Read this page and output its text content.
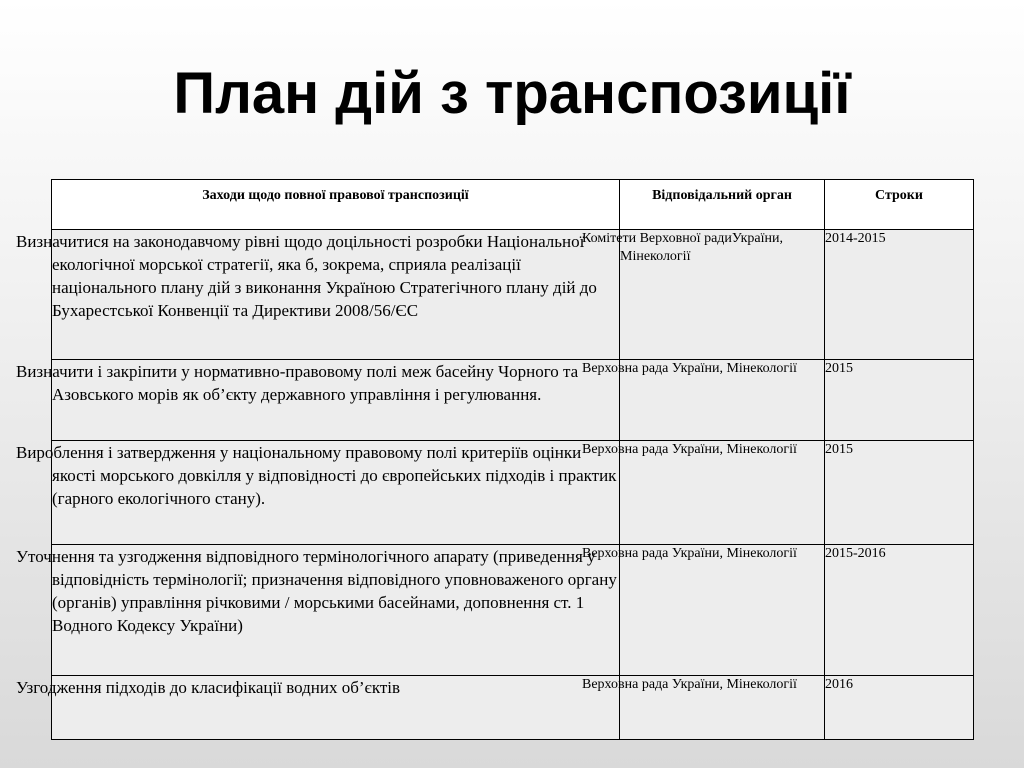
План дій з транспозиції
Заходи щодо повної правової транспозиції	Відповідальний орган	Строки
Визначитися на законодавчому рівні щодо доцільності розробки Національної екологічної морської стратегії, яка б, зокрема, сприяла реалізації національного плану дій з виконання Україною Стратегічного плану дій до Бухарестської Конвенції та Директиви 2008/56/ЄС	Комітети Верховної радиУкраїни, Мінекології	2014-2015
Визначити і закріпити у нормативно-правовому полі меж басейну Чорного та Азовського морів як об’єкту державного управління і регулювання.	Верховна рада України, Мінекології	2015
Вироблення і затвердження у національному правовому полі критеріїв оцінки якості морського довкілля у відповідності до європейських підходів і практик (гарного екологічного стану).	Верховна рада України, Мінекології	2015
Уточнення та узгодження відповідного термінологічного апарату (приведення у відповідність термінології; призначення відповідного уповноваженого органу (органів) управління річковими / морськими басейнами, доповнення ст. 1 Водного Кодексу України)	Верховна рада України, Мінекології	2015-2016
Узгодження підходів до класифікації водних об’єктів	Верховна рада України, Мінекології	2016
